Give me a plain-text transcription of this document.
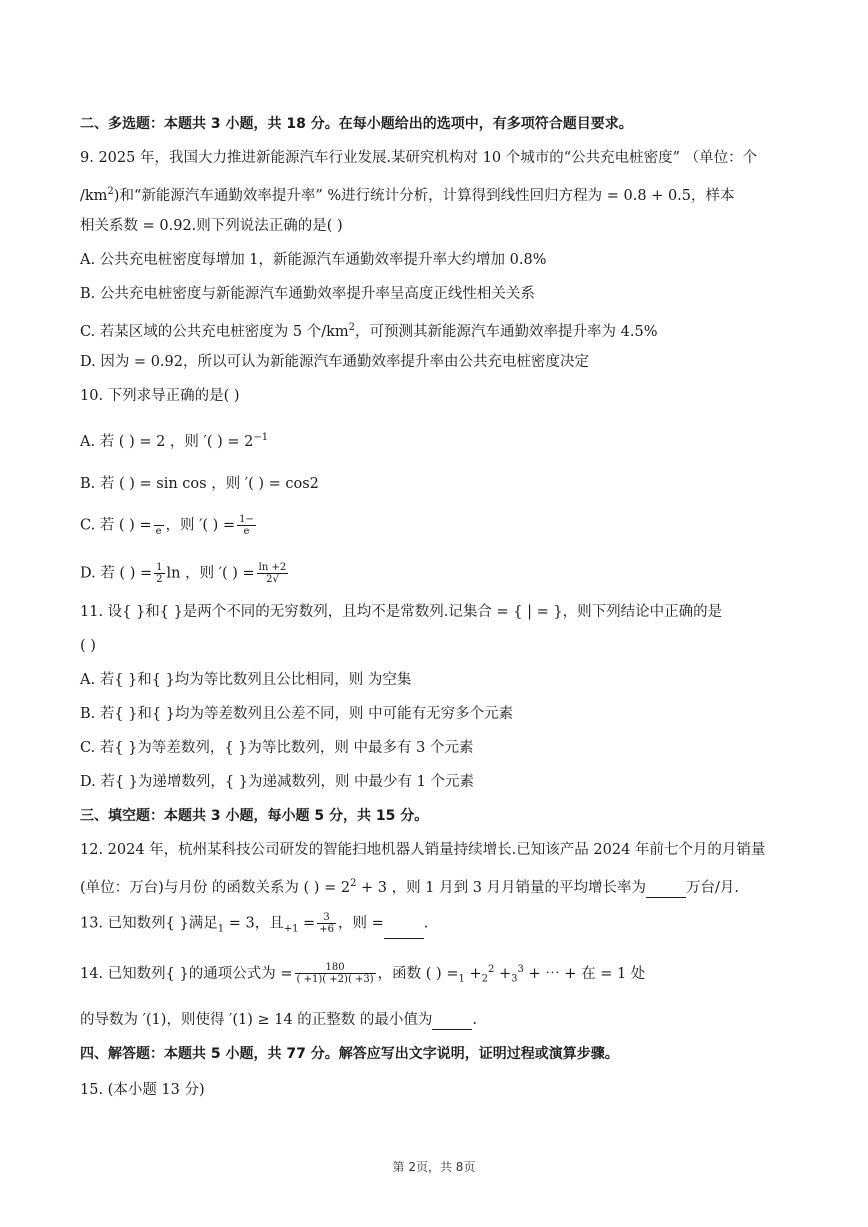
二、多选题：本题共 3 小题，共 18 分。在每小题给出的选项中，有多项符合题目要求。
9. 2025 年，我国大力推进新能源汽车行业发展.某研究机构对 10 个城市的“公共充电桩密度” （单位：个
$/km^2$)和“新能源汽车通勤效率提升率” %进行统计分析，计算得到线性回归方程为 = 0.8 + 0.5，样本
相关系数 = 0.92.则下列说法正确的是( )
A. 公共充电桩密度每增加 1，新能源汽车通勤效率提升率大约增加 0.8%
B. 公共充电桩密度与新能源汽车通勤效率提升率呈高度正线性相关关系
C. 若某区域的公共充电桩密度为 5 个$/km^2$，可预测其新能源汽车通勤效率提升率为 4.5%
D. 因为 = 0.92，所以可认为新能源汽车通勤效率提升率由公共充电桩密度决定
10. 下列求导正确的是( )
A. 若 ( ) = 2 ，则 ′( ) = $2^{-1}$
B. 若 ( ) = sin cos ，则 ′( ) = cos2
C. 若 ( ) =
e ，则 ′( ) = $\frac{1-}{e}$
D. 若 ( ) = $\frac{1}{2}$ ln ，则 ′( ) = $\frac{\ln +2}{2√}$
11. 设{ }和{ }是两个不同的无穷数列，且均不是常数列.记集合 = { | = }，则下列结论中正确的是
( )
A. 若{ }和{ }均为等比数列且公比相同，则 为空集
B. 若{ }和{ }均为等差数列且公差不同，则 中可能有无穷多个元素
C. 若{ }为等差数列，{ }为等比数列，则 中最多有 3 个元素
D. 若{ }为递增数列，{ }为递减数列，则 中最少有 1 个元素
三、填空题：本题共 3 小题，每小题 5 分，共 15 分。
12. 2024 年，杭州某科技公司研发的智能扫地机器人销量持续增长.已知该产品 2024 年前七个月的月销量
(单位：万台)与月份 的函数关系为 ( ) = $2^2 + 3$ ，则 1 月到 3 月月销量的平均增长率为	万台/月.
13. 已知数列{ }满足$_1$ = 3，且$_{+1} = \frac{3}{+6}$ ，则 =	.
14. 已知数列{ }的通项公式为 = $\frac{180}{( +1)( +2)( +3)}$ ，函数 ( ) $=_1 +_2^2 +_3^3$ + ⋯ + 在 = 1 处
的导数为 ′(1)，则使得 ′(1) ≥ 14 的正整数 的最小值为	.
四、解答题：本题共 5 小题，共 77 分。解答应写出文字说明，证明过程或演算步骤。
15. (本小题 13 分)
第 2页，共 8页
